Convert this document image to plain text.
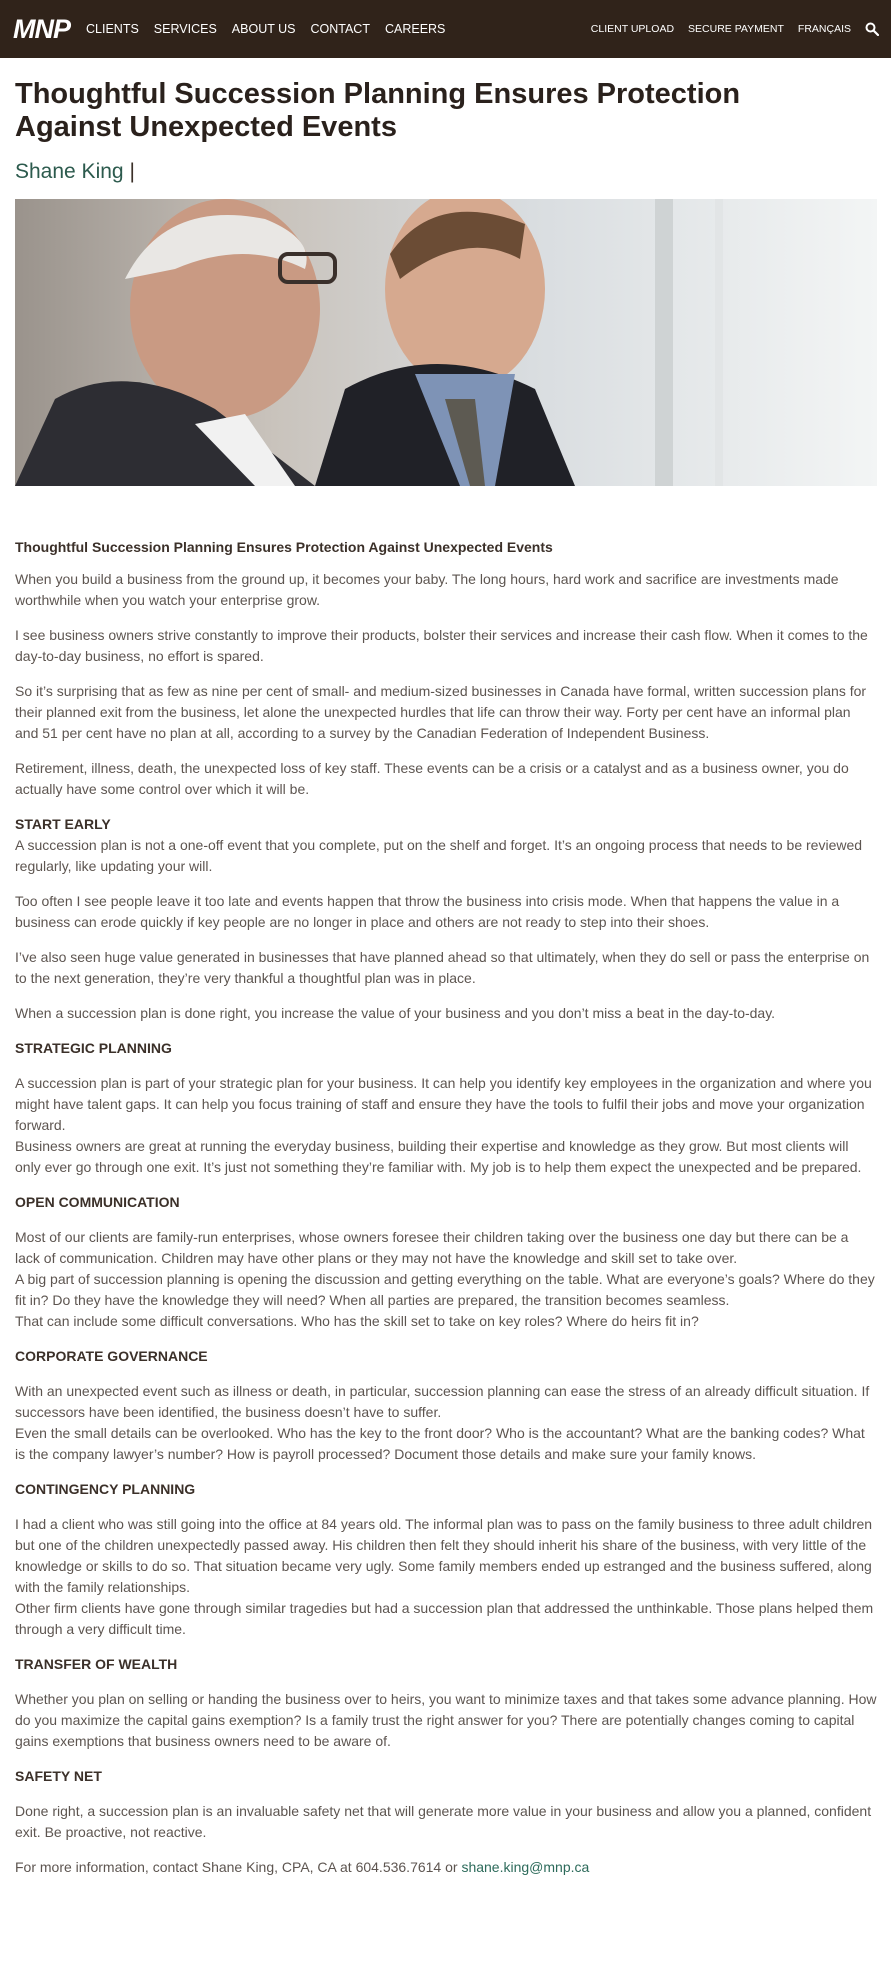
MNP CLIENTS SERVICES ABOUT US CONTACT CAREERS	CLIENT UPLOAD SECURE PAYMENT FRANÇAIS
Thoughtful Succession Planning Ensures Protection Against Unexpected Events
Shane King |
Thoughtful Succession Planning Ensures Protection Against Unexpected Events

When you build a business from the ground up, it becomes your baby. The long hours, hard work and sacrifice are investments made worthwhile when you watch your enterprise grow.

I see business owners strive constantly to improve their products, bolster their services and increase their cash flow. When it comes to the day-to-day business, no effort is spared.

So it’s surprising that as few as nine per cent of small- and medium-sized businesses in Canada have formal, written succession plans for their planned exit from the business, let alone the unexpected hurdles that life can throw their way. Forty per cent have an informal plan and 51 per cent have no plan at all, according to a survey by the Canadian Federation of Independent Business.

Retirement, illness, death, the unexpected loss of key staff. These events can be a crisis or a catalyst and as a business owner, you do actually have some control over which it will be.

START EARLY

A succession plan is not a one-off event that you complete, put on the shelf and forget. It’s an ongoing process that needs to be reviewed regularly, like updating your will.

Too often I see people leave it too late and events happen that throw the business into crisis mode. When that happens the value in a business can erode quickly if key people are no longer in place and others are not ready to step into their shoes.

I’ve also seen huge value generated in businesses that have planned ahead so that ultimately, when they do sell or pass the enterprise on to the next generation, they’re very thankful a thoughtful plan was in place.

When a succession plan is done right, you increase the value of your business and you don’t miss a beat in the day-to-day.

STRATEGIC PLANNING

A succession plan is part of your strategic plan for your business. It can help you identify key employees in the organization and where you might have talent gaps. It can help you focus training of staff and ensure they have the tools to fulfil their jobs and move your organization forward.

Business owners are great at running the everyday business, building their expertise and knowledge as they grow. But most clients will only ever go through one exit. It’s just not something they’re familiar with. My job is to help them expect the unexpected and be prepared.

OPEN COMMUNICATION

Most of our clients are family-run enterprises, whose owners foresee their children taking over the business one day but there can be a lack of communication. Children may have other plans or they may not have the knowledge and skill set to take over.

A big part of succession planning is opening the discussion and getting everything on the table. What are everyone’s goals? Where do they fit in? Do they have the knowledge they will need? When all parties are prepared, the transition becomes seamless.

That can include some difficult conversations. Who has the skill set to take on key roles? Where do heirs fit in?

CORPORATE GOVERNANCE

With an unexpected event such as illness or death, in particular, succession planning can ease the stress of an already difficult situation. If successors have been identified, the business doesn’t have to suffer.

Even the small details can be overlooked. Who has the key to the front door? Who is the accountant? What are the banking codes? What is the company lawyer’s number? How is payroll processed? Document those details and make sure your family knows.

CONTINGENCY PLANNING

I had a client who was still going into the office at 84 years old. The informal plan was to pass on the family business to three adult children but one of the children unexpectedly passed away. His children then felt they should inherit his share of the business, with very little of the knowledge or skills to do so. That situation became very ugly. Some family members ended up estranged and the business suffered, along with the family relationships.

Other firm clients have gone through similar tragedies but had a succession plan that addressed the unthinkable. Those plans helped them through a very difficult time.

TRANSFER OF WEALTH

Whether you plan on selling or handing the business over to heirs, you want to minimize taxes and that takes some advance planning. How do you maximize the capital gains exemption? Is a family trust the right answer for you? There are potentially changes coming to capital gains exemptions that business owners need to be aware of.

SAFETY NET

Done right, a succession plan is an invaluable safety net that will generate more value in your business and allow you a planned, confident exit. Be proactive, not reactive.

For more information, contact Shane King, CPA, CA at 604.536.7614 or shane.king@mnp.ca
